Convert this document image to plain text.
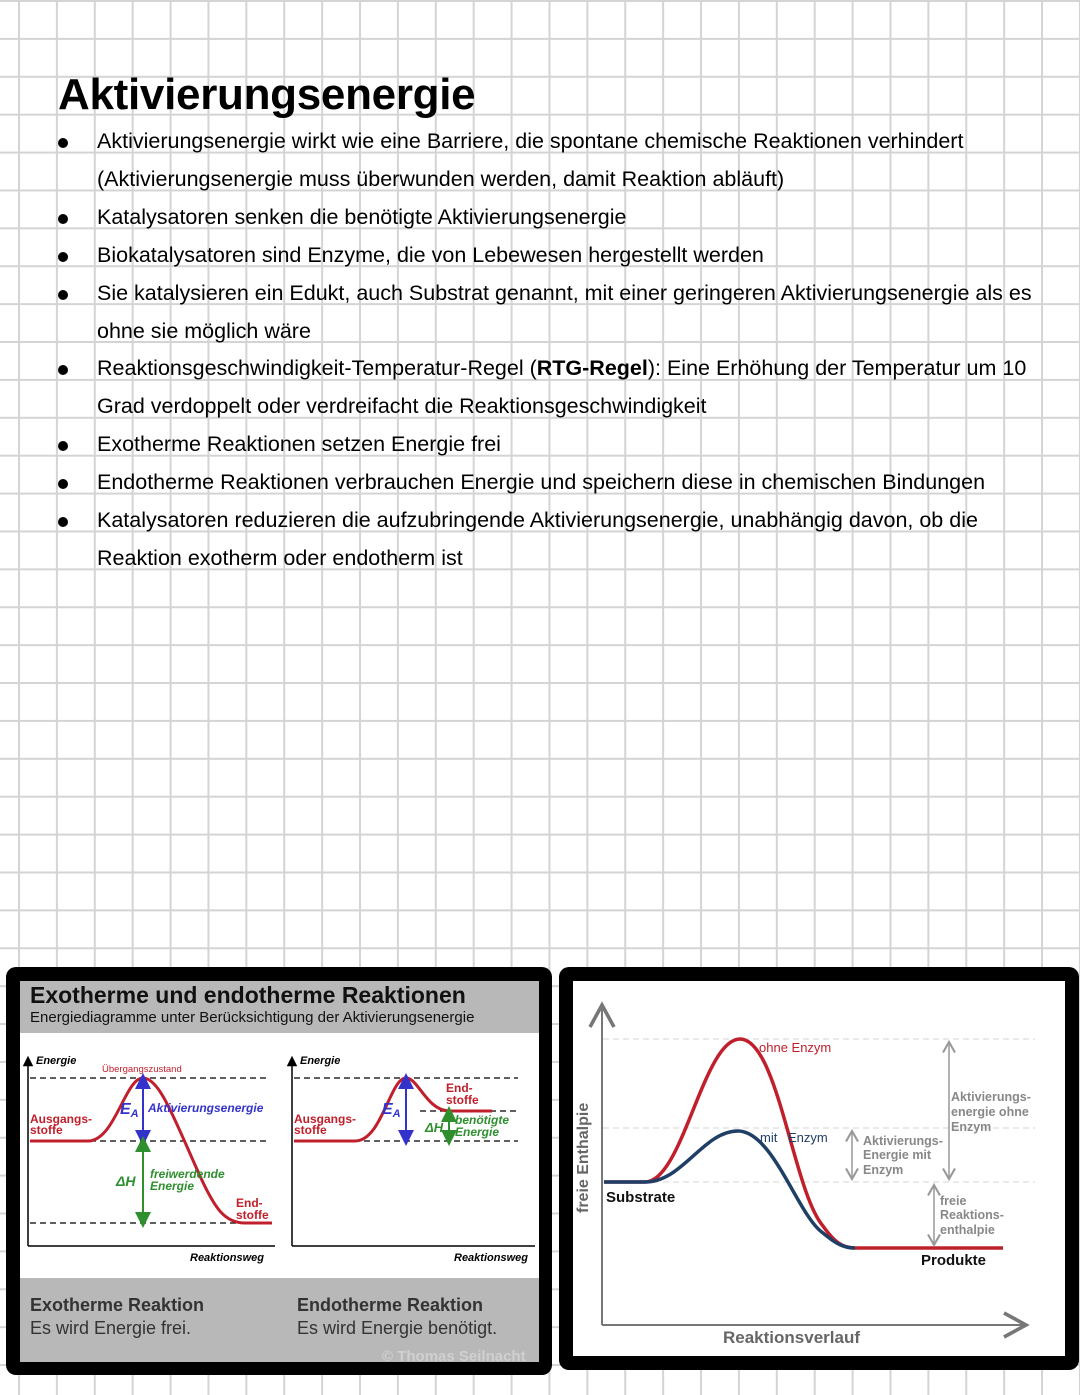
Aktivierungsenergie
Aktivierungsenergie wirkt wie eine Barriere, die spontane chemische Reaktionen verhindert (Aktivierungsenergie muss überwunden werden, damit Reaktion abläuft)
Katalysatoren senken die benötigte Aktivierungsenergie
Biokatalysatoren sind Enzyme, die von Lebewesen hergestellt werden
Sie katalysieren ein Edukt, auch Substrat genannt, mit einer geringeren Aktivierungsenergie als es ohne sie möglich wäre
Reaktionsgeschwindigkeit-Temperatur-Regel (RTG-Regel): Eine Erhöhung der Temperatur um 10 Grad verdoppelt oder verdreifacht die Reaktionsgeschwindigkeit
Exotherme Reaktionen setzen Energie frei
Endotherme Reaktionen verbrauchen Energie und speichern diese in chemischen Bindungen
Katalysatoren reduzieren die aufzubringende Aktivierungsenergie, unabhängig davon, ob die Reaktion exotherm oder endotherm ist
Exotherme und endotherme Reaktionen
Energiediagramme unter Berücksichtigung der Aktivierungsenergie
Energie
Übergangszustand
Ausgangs-
stoffe
EA Aktivierungsenergie
ΔH freiwerdende
Energie
End-
stoffe
Reaktionsweg
Energie
Ausgangs-
stoffe
EA
End-
stoffe
ΔH benötigte
Energie
Reaktionsweg
Exotherme Reaktion
Es wird Energie frei.
Endotherme Reaktion
Es wird Energie benötigt.
© Thomas Seilnacht
freie Enthalpie
Reaktionsverlauf
ohne Enzym
mit Enzym
Substrate
Produkte
Aktivierungs-
energie ohne
Enzym
Aktivierungs-
Energie mit
Enzym
freie
Reaktions-
enthalpie
